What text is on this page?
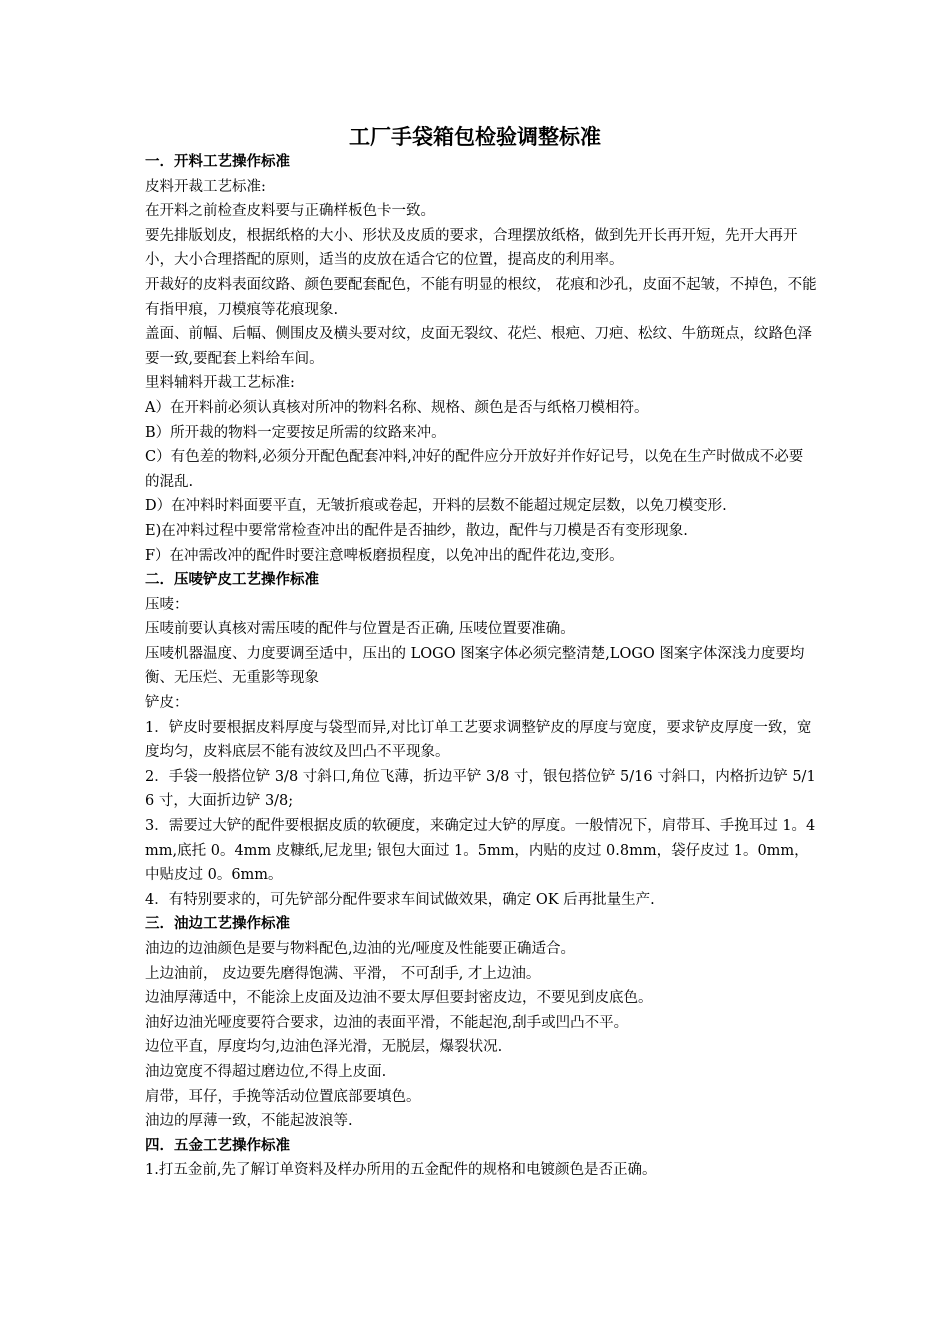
工厂手袋箱包检验调整标准

一．开料工艺操作标准

皮料开裁工艺标准:

在开料之前检查皮料要与正确样板色卡一致。

要先排版划皮，根据纸格的大小、形状及皮质的要求，合理摆放纸格，做到先开长再开短，先开大再开小，大小合理搭配的原则，适当的皮放在适合它的位置，提高皮的利用率。

开裁好的皮料表面纹路、颜色要配套配色，不能有明显的根纹， 花痕和沙孔，皮面不起皱，不掉色，不能有指甲痕，刀模痕等花痕现象.

盖面、前幅、后幅、侧围皮及横头要对纹，皮面无裂纹、花烂、根疤、刀疤、松纹、牛筋斑点，纹路色泽要一致,要配套上料给车间。

里料辅料开裁工艺标准:

A）在开料前必须认真核对所冲的物料名称、规格、颜色是否与纸格刀模相符。

B）所开裁的物料一定要按足所需的纹路来冲。

C）有色差的物料,必须分开配色配套冲料,冲好的配件应分开放好并作好记号，以免在生产时做成不必要的混乱.

D）在冲料时料面要平直，无皱折痕或卷起，开料的层数不能超过规定层数，以免刀模变形.

E)在冲料过程中要常常检查冲出的配件是否抽纱，散边，配件与刀模是否有变形现象.

F）在冲需改冲的配件时要注意啤板磨损程度，以免冲出的配件花边,变形。

二．压唛铲皮工艺操作标准

压唛：

压唛前要认真核对需压唛的配件与位置是否正确, 压唛位置要准确。

压唛机器温度、力度要调至适中，压出的 LOGO 图案字体必须完整清楚,LOGO 图案字体深浅力度要均衡、无压烂、无重影等现象

铲皮：

1．铲皮时要根据皮料厚度与袋型而异,对比订单工艺要求调整铲皮的厚度与宽度，要求铲皮厚度一致，宽度均匀，皮料底层不能有波纹及凹凸不平现象。

2．手袋一般搭位铲 3/8 寸斜口,角位飞薄，折边平铲 3/8 寸，银包搭位铲 5/16 寸斜口，内格折边铲 5/16 寸，大面折边铲 3/8;

3．需要过大铲的配件要根据皮质的软硬度，来确定过大铲的厚度。一般情况下，肩带耳、手挽耳过 1。4mm,底托 0。4mm 皮糠纸,尼龙里; 银包大面过 1。5mm，内贴的皮过 0.8mm，袋仔皮过 1。0mm，中贴皮过 0。6mm。

4．有特别要求的，可先铲部分配件要求车间试做效果，确定 OK 后再批量生产.

三．油边工艺操作标准

油边的边油颜色是要与物料配色,边油的光/哑度及性能要正确适合。

上边油前， 皮边要先磨得饱满、平滑， 不可刮手, 才上边油。

边油厚薄适中，不能涂上皮面及边油不要太厚但要封密皮边，不要见到皮底色。

油好边油光哑度要符合要求，边油的表面平滑，不能起泡,刮手或凹凸不平。

边位平直，厚度均匀,边油色泽光滑，无脱层，爆裂状况.

油边宽度不得超过磨边位,不得上皮面.

肩带，耳仔，手挽等活动位置底部要填色。

油边的厚薄一致，不能起波浪等.

四．五金工艺操作标准

1.打五金前,先了解订单资料及样办所用的五金配件的规格和电镀颜色是否正确。
